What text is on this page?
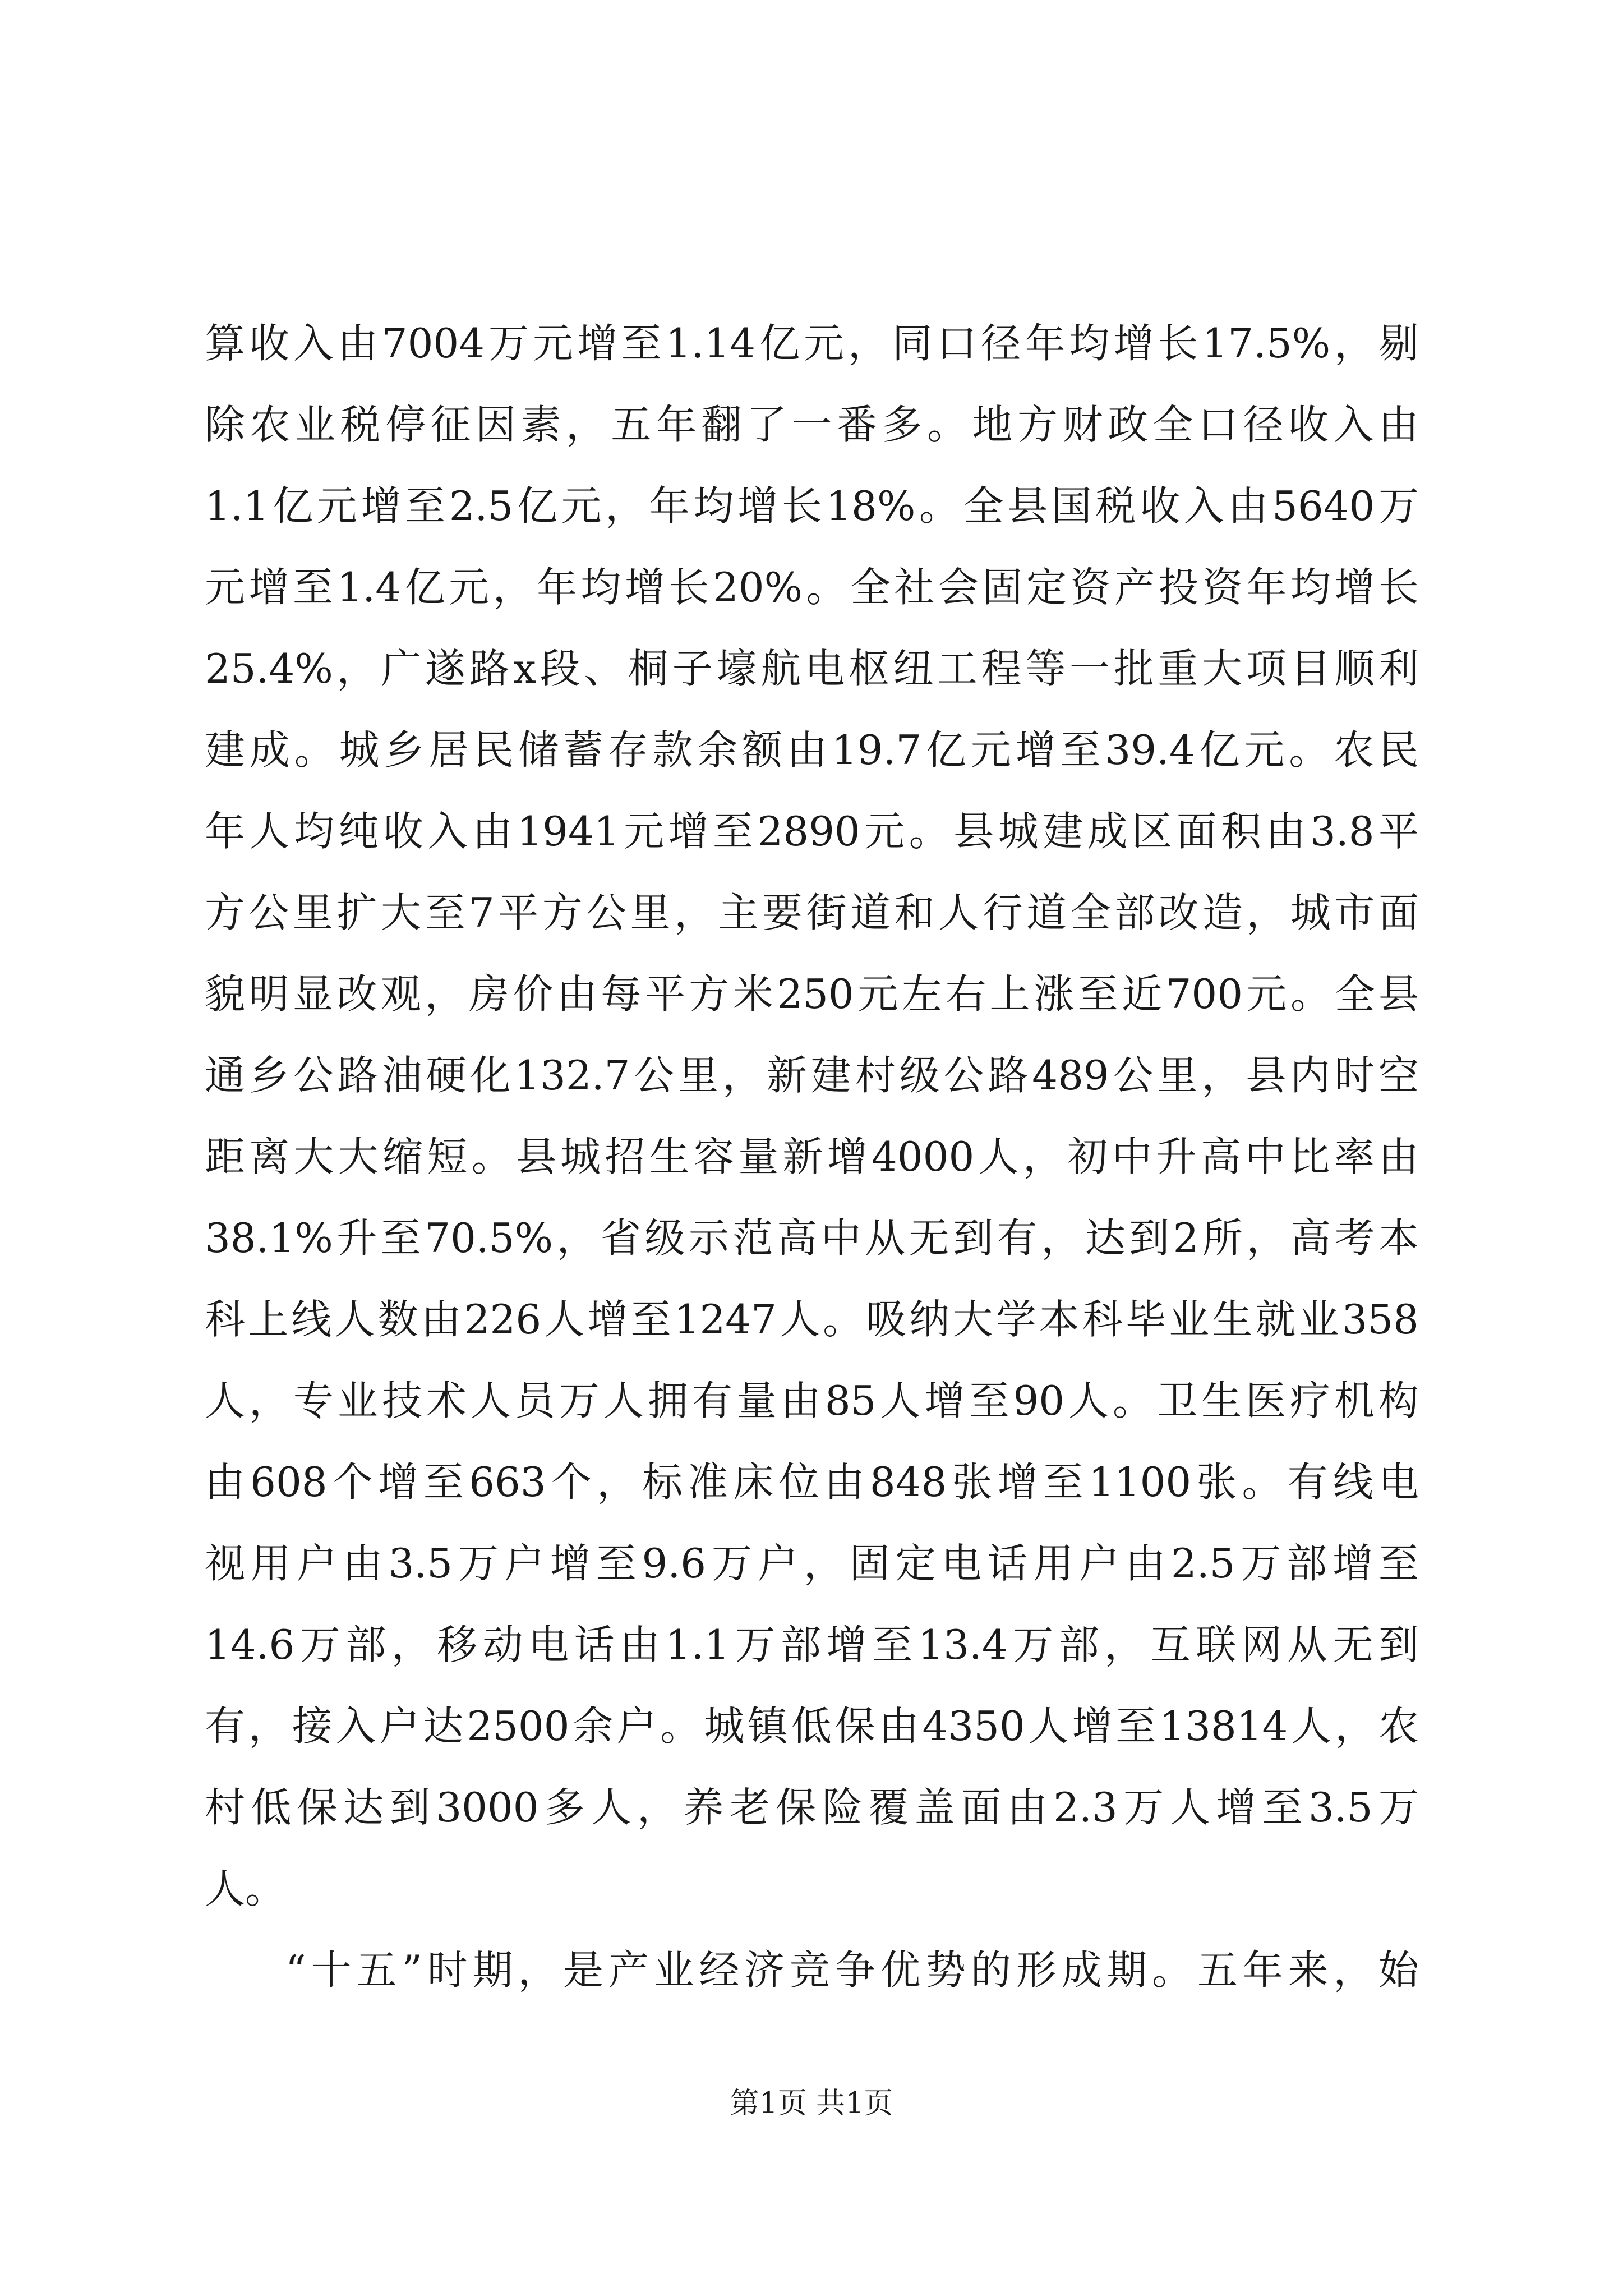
算收入由7004万元增至1.14亿元，同口径年均增长17.5%，剔
除农业税停征因素，五年翻了一番多。地方财政全口径收入由
1.1亿元增至2.5亿元，年均增长18%。全县国税收入由5640万
元增至1.4亿元，年均增长20%。全社会固定资产投资年均增长
25.4%，广遂路x段、桐子壕航电枢纽工程等一批重大项目顺利
建成。城乡居民储蓄存款余额由19.7亿元增至39.4亿元。农民
年人均纯收入由1941元增至2890元。县城建成区面积由3.8平
方公里扩大至7平方公里，主要街道和人行道全部改造，城市面
貌明显改观，房价由每平方米250元左右上涨至近700元。全县
通乡公路油硬化132.7公里，新建村级公路489公里，县内时空
距离大大缩短。县城招生容量新增4000人，初中升高中比率由
38.1%升至70.5%，省级示范高中从无到有，达到2所，高考本
科上线人数由226人增至1247人。吸纳大学本科毕业生就业358
人，专业技术人员万人拥有量由85人增至90人。卫生医疗机构
由608个增至663个，标准床位由848张增至1100张。有线电
视用户由3.5万户增至9.6万户，固定电话用户由2.5万部增至
14.6万部，移动电话由1.1万部增至13.4万部，互联网从无到
有，接入户达2500余户。城镇低保由4350人增至13814人，农
村低保达到3000多人，养老保险覆盖面由2.3万人增至3.5万
人。
“十五”时期，是产业经济竞争优势的形成期。五年来，始
第1页 共1页
